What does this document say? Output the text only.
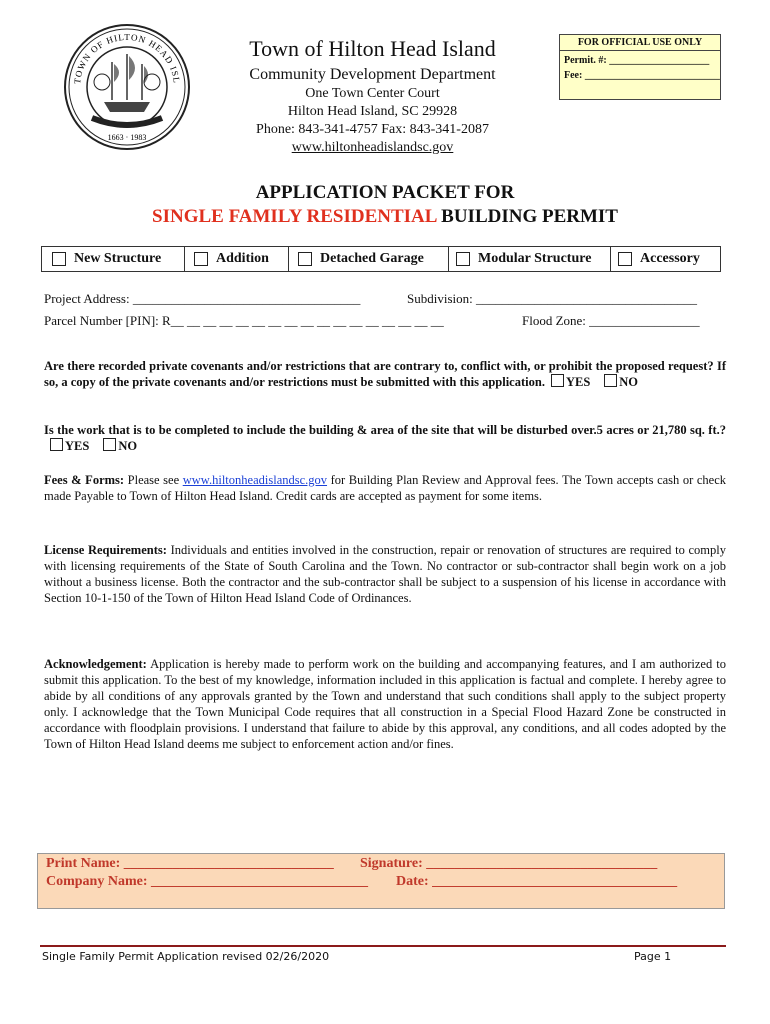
1663 · 1983
TOWN OF HILTON HEAD ISL
Town of Hilton Head Island
Community Development Department
One Town Center Court
Hilton Head Island, SC 29928
Phone: 843-341-4757 Fax: 843-341-2087
www.hiltonheadislandsc.gov
FOR OFFICIAL USE ONLY
Permit. #: ____________________
Fee: ___________________________
APPLICATION PACKET FOR
SINGLE FAMILY RESIDENTIAL BUILDING PERMIT
New Structure	Addition	Detached Garage	Modular Structure	Accessory
Project Address: ___________________________________	Subdivision: __________________________________
Parcel Number [PIN]: R__ __ __ __ __ __ __ __ __ __ __ __ __ __ __ __ __	Flood Zone: _________________
Are there recorded private covenants and/or restrictions that are contrary to, conflict with, or prohibit the proposed request? If so, a copy of the private covenants and/or restrictions must be submitted with this application. YES NO
Is the work that is to be completed to include the building & area of the site that will be disturbed over.5 acres or 21,780 sq. ft.?YES NO
Fees & Forms: Please see www.hiltonheadislandsc.gov for Building Plan Review and Approval fees. The Town accepts cash or check made Payable to Town of Hilton Head Island. Credit cards are accepted as payment for some items.
License Requirements: Individuals and entities involved in the construction, repair or renovation of structures are required to comply with licensing requirements of the State of South Carolina and the Town. No contractor or sub-contractor shall begin work on a job without a business license. Both the contractor and the sub-contractor shall be subject to a suspension of his license in accordance with Section 10-1-150 of the Town of Hilton Head Island Code of Ordinances.
Acknowledgement: Application is hereby made to perform work on the building and accompanying features, and I am authorized to submit this application. To the best of my knowledge, information included in this application is factual and complete. I hereby agree to abide by all conditions of any approvals granted by the Town and understand that such conditions shall apply to the subject property only. I acknowledge that the Town Municipal Code requires that all construction in a Special Flood Hazard Zone be constructed in accordance with floodplain provisions. I understand that failure to abide by this approval, any conditions, and all codes adopted by the Town of Hilton Head Island deems me subject to enforcement action and/or fines.
Print Name: ______________________________ Signature: _________________________________
Company Name: _______________________________ Date: ___________________________________
Single Family Permit Application revised 02/26/2020	Page 1
